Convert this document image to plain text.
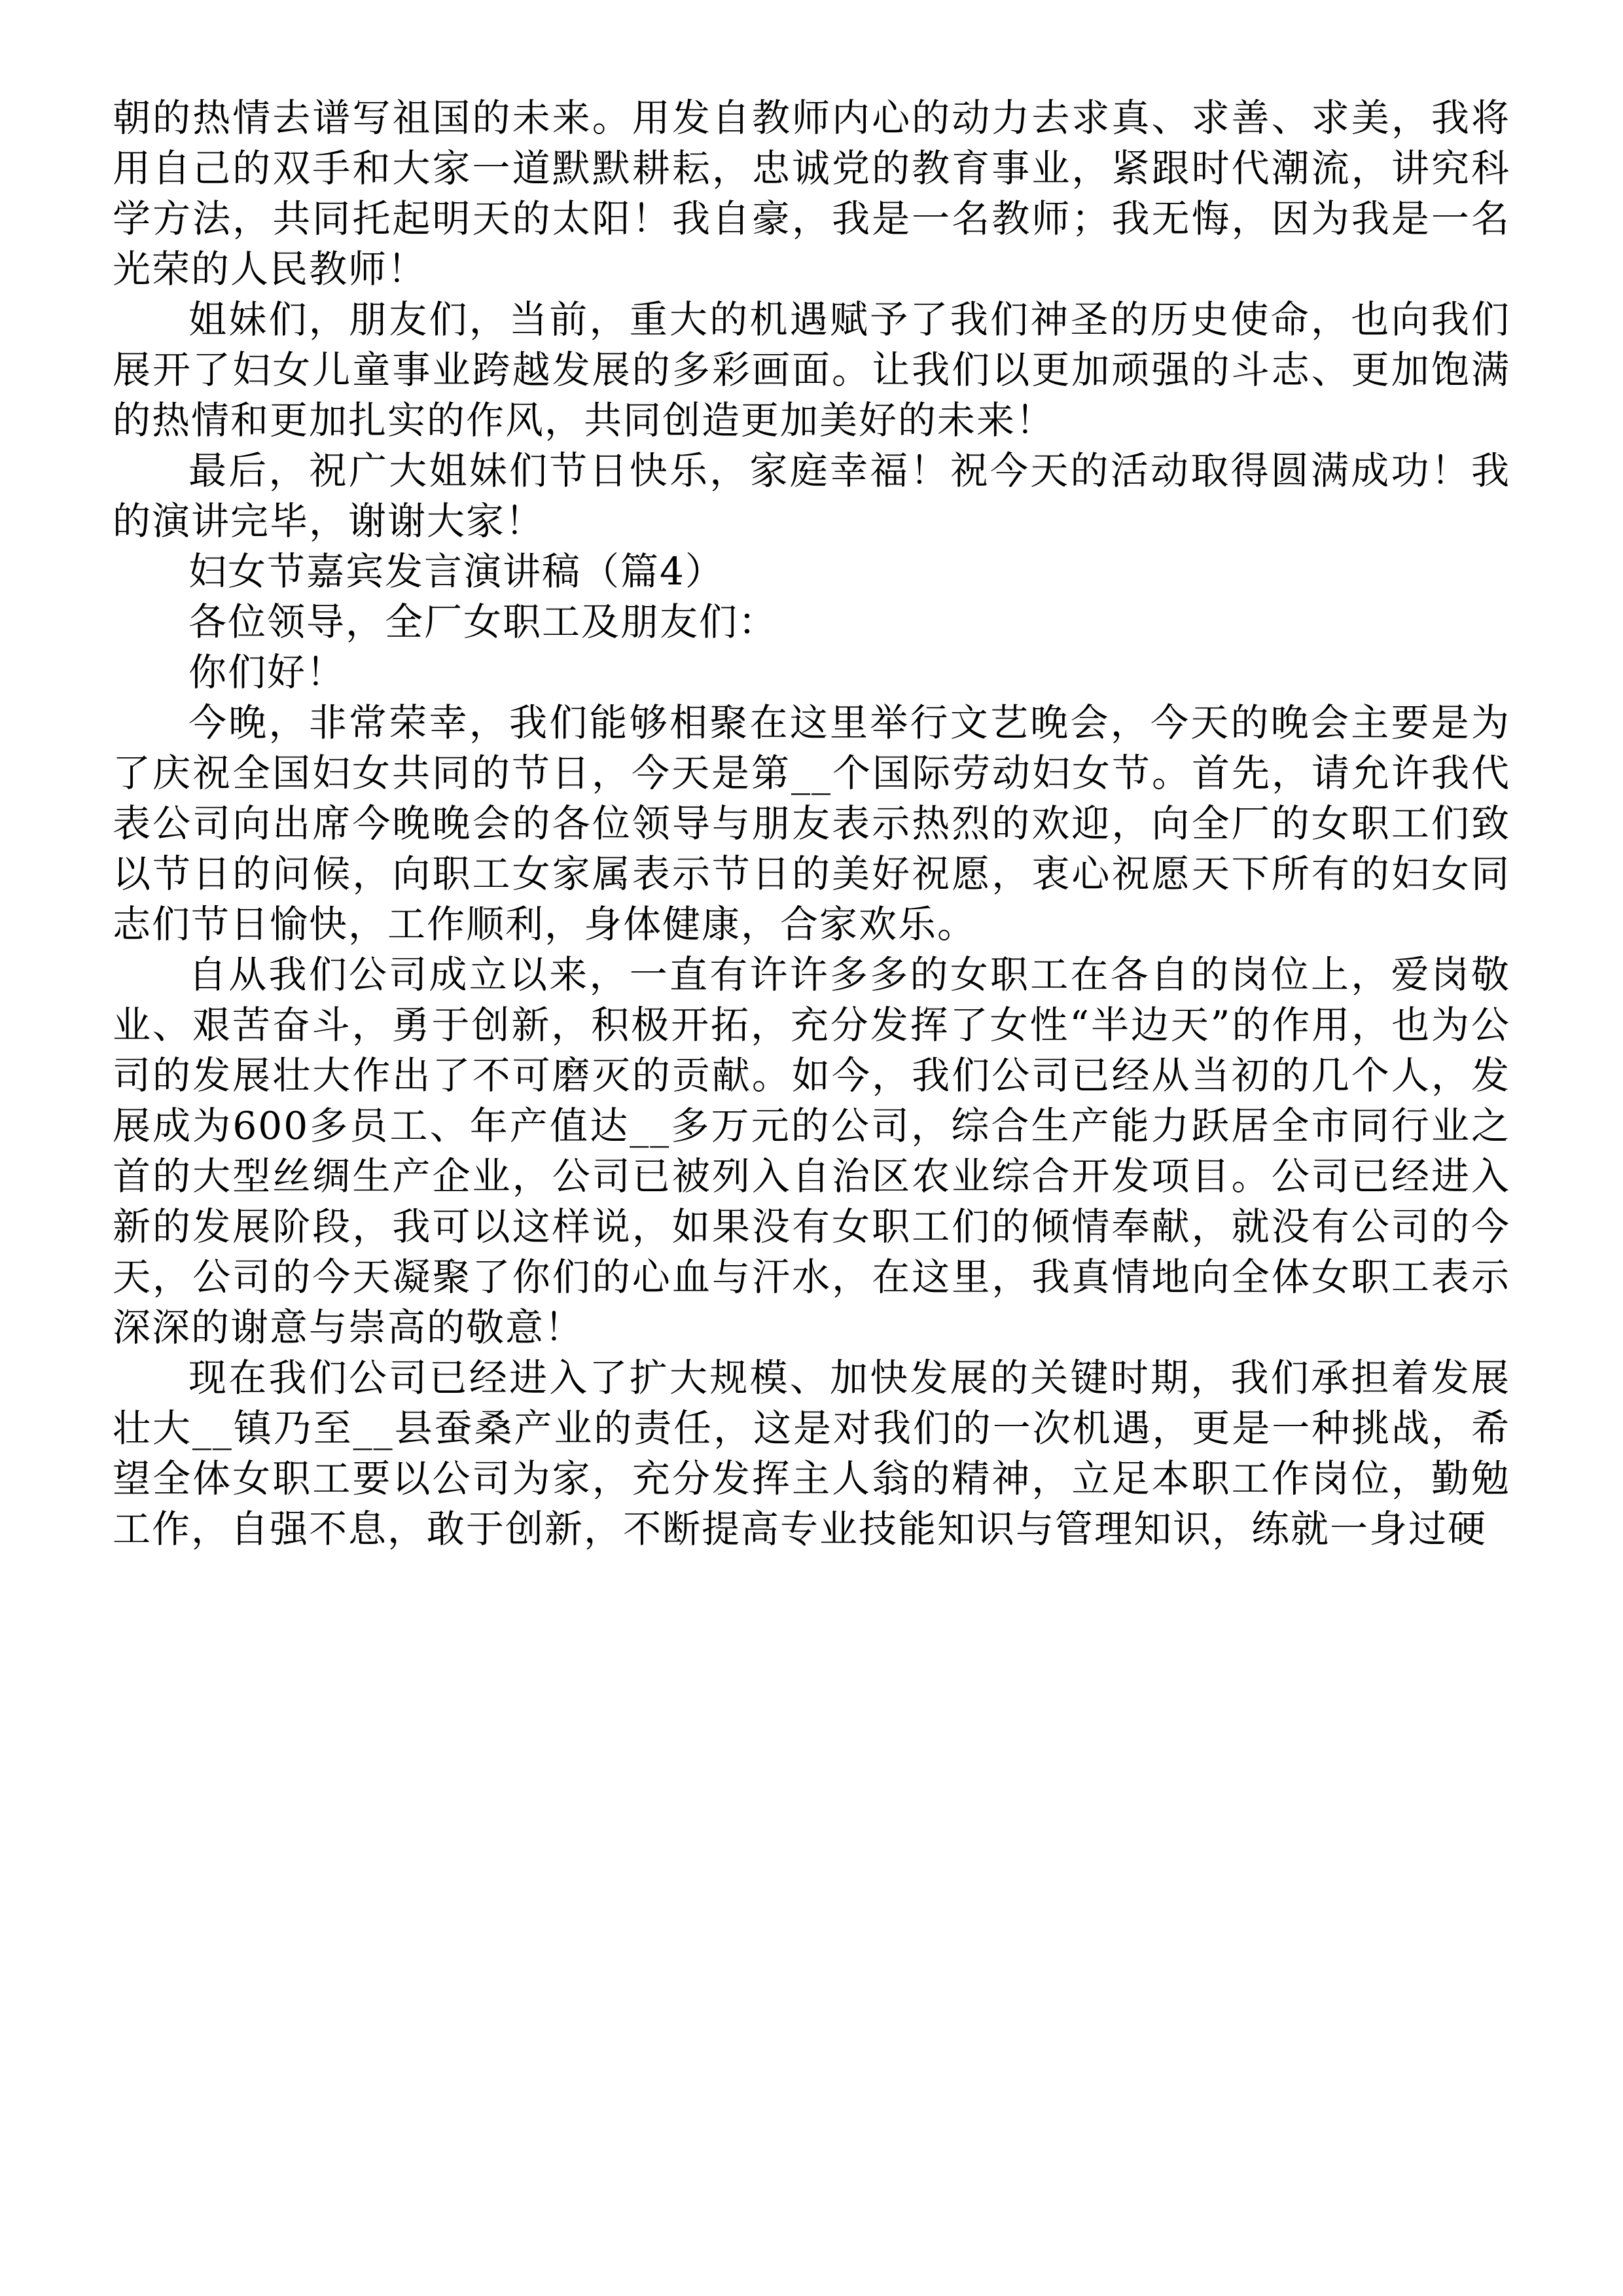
朝的热情去谱写祖国的未来。用发自教师内心的动力去求真、求善、求美，我将用自己的双手和大家一道默默耕耘，忠诚党的教育事业，紧跟时代潮流，讲究科学方法，共同托起明天的太阳！我自豪，我是一名教师；我无悔，因为我是一名光荣的人民教师！

姐妹们，朋友们，当前，重大的机遇赋予了我们神圣的历史使命，也向我们展开了妇女儿童事业跨越发展的多彩画面。让我们以更加顽强的斗志、更加饱满的热情和更加扎实的作风，共同创造更加美好的未来！

最后，祝广大姐妹们节日快乐，家庭幸福！祝今天的活动取得圆满成功！我的演讲完毕，谢谢大家！

妇女节嘉宾发言演讲稿（篇4）

各位领导，全厂女职工及朋友们：

你们好！

今晚，非常荣幸，我们能够相聚在这里举行文艺晚会，今天的晚会主要是为了庆祝全国妇女共同的节日，今天是第__个国际劳动妇女节。首先，请允许我代表公司向出席今晚晚会的各位领导与朋友表示热烈的欢迎，向全厂的女职工们致以节日的问候，向职工女家属表示节日的美好祝愿，衷心祝愿天下所有的妇女同志们节日愉快，工作顺利，身体健康，合家欢乐。

自从我们公司成立以来，一直有许许多多的女职工在各自的岗位上，爱岗敬业、艰苦奋斗，勇于创新，积极开拓，充分发挥了女性“半边天”的作用，也为公司的发展壮大作出了不可磨灭的贡献。如今，我们公司已经从当初的几个人，发展成为600多员工、年产值达__多万元的公司，综合生产能力跃居全市同行业之首的大型丝绸生产企业，公司已被列入自治区农业综合开发项目。公司已经进入新的发展阶段，我可以这样说，如果没有女职工们的倾情奉献，就没有公司的今天，公司的今天凝聚了你们的心血与汗水，在这里，我真情地向全体女职工表示深深的谢意与崇高的敬意！

现在我们公司已经进入了扩大规模、加快发展的关键时期，我们承担着发展壮大__镇乃至__县蚕桑产业的责任，这是对我们的一次机遇，更是一种挑战，希望全体女职工要以公司为家，充分发挥主人翁的精神，立足本职工作岗位，勤勉工作，自强不息，敢于创新，不断提高专业技能知识与管理知识，练就一身过硬
